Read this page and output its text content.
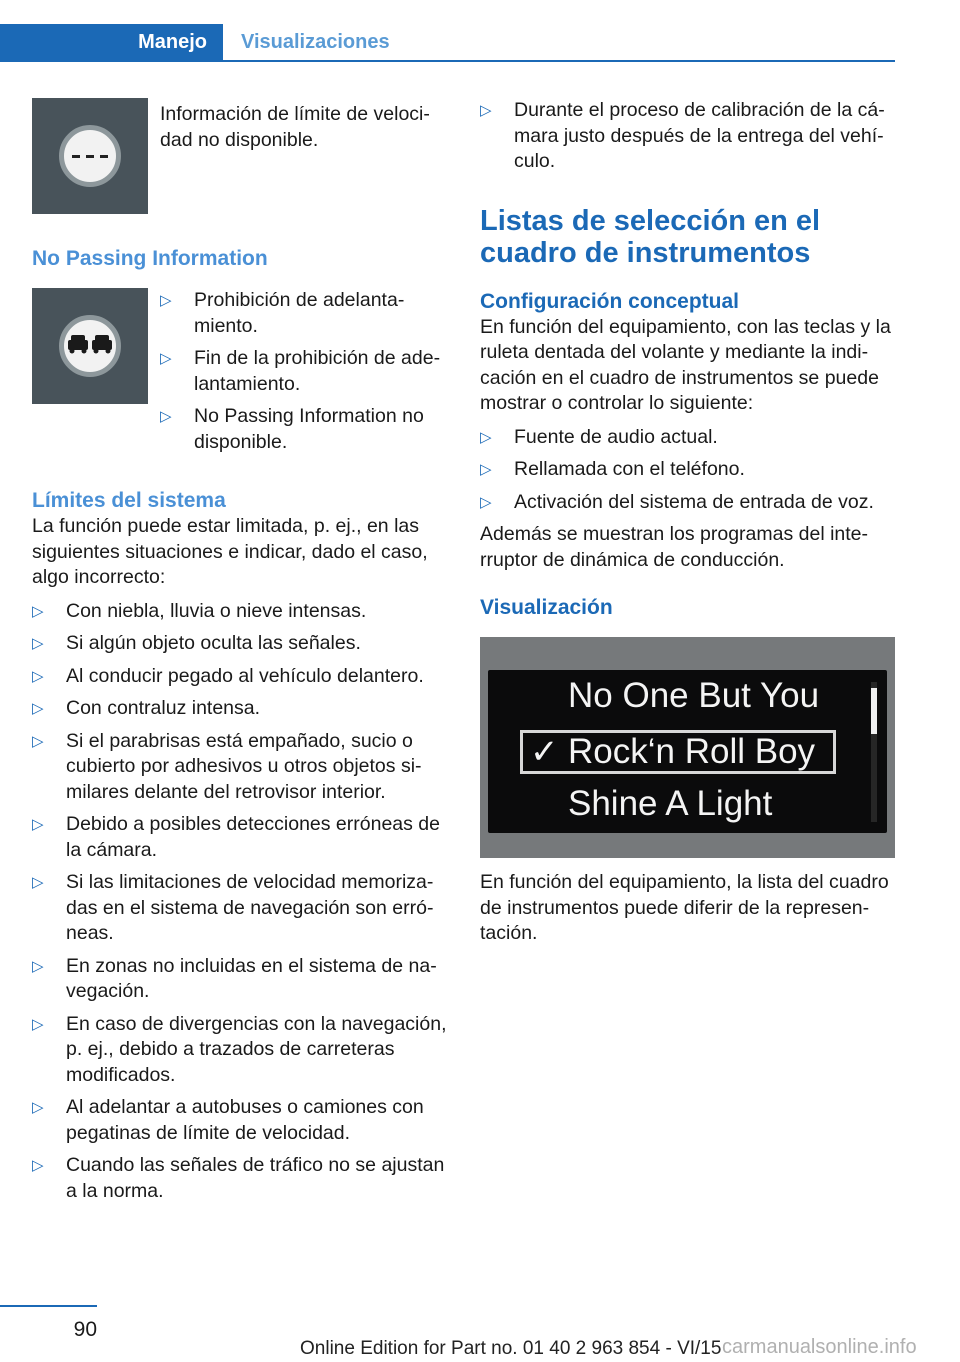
Manejo	Visualizaciones

Información de límite de velocidad no disponible.

No Passing Information
▷ Prohibición de adelantamiento.
▷ Fin de la prohibición de adelantamiento.
▷ No Passing Information no disponible.
Límites del sistema

La función puede estar limitada, p. ej., en las siguientes situaciones e indicar, dado el caso, algo incorrecto:

▷ Con niebla, lluvia o nieve intensas.
▷ Si algún objeto oculta las señales.
▷ Al conducir pegado al vehículo delantero.
▷ Con contraluz intensa.
▷ Si el parabrisas está empañado, sucio o cubierto por adhesivos u otros objetos similares delante del retrovisor interior.
▷ Debido a posibles detecciones erróneas de la cámara.
▷ Si las limitaciones de velocidad memorizadas en el sistema de navegación son erróneas.
▷ En zonas no incluidas en el sistema de navegación.
▷ En caso de divergencias con la navegación, p. ej., debido a trazados de carreteras modificados.
▷ Al adelantar a autobuses o camiones con pegatinas de límite de velocidad.
▷ Cuando las señales de tráfico no se ajustan a la norma.
▷ Durante el proceso de calibración de la cámara justo después de la entrega del vehículo.
Listas de selección en el cuadro de instrumentos
Configuración conceptual

En función del equipamiento, con las teclas y la ruleta dentada del volante y mediante la indicación en el cuadro de instrumentos se puede mostrar o controlar lo siguiente:

▷ Fuente de audio actual.
▷ Rellamada con el teléfono.
▷ Activación del sistema de entrada de voz.

Además se muestran los programas del interruptor de dinámica de conducción.

Visualización
No One But You
✓ Rock‘n Roll Boy
Shine A Light

En función del equipamiento, la lista del cuadro de instrumentos puede diferir de la representación.

90
Online Edition for Part no. 01 40 2 963 854 - VI/15 carmanualsonline.info
